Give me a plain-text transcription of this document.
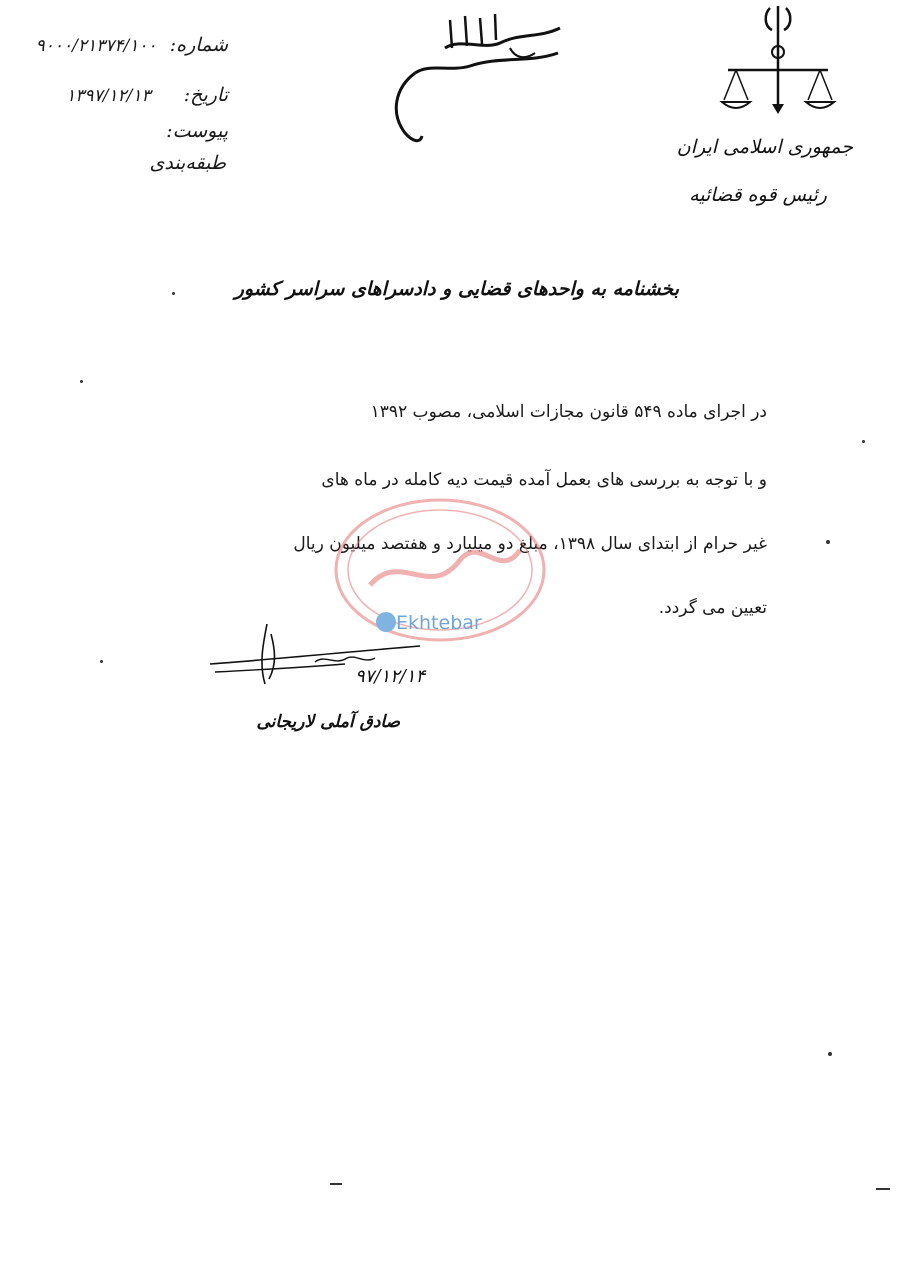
شماره: ۹۰۰۰/۲۱۳۷۴/۱۰۰
تاریخ: ۱۳۹۷/۱۲/۱۳
پیوست:
طبقه‌بندی
جمهوری اسلامی ایران
رئیس قوه قضائیه
بخشنامه به واحدهای قضایی و دادسراهای سراسر کشور
در اجرای ماده ۵۴۹ قانون مجازات اسلامی، مصوب ۱۳۹۲
و با توجه به بررسی های بعمل آمده قیمت دیه کامله در ماه های
غیر حرام از ابتدای سال ۱۳۹۸، مبلغ دو میلیارد و هفتصد میلیون ریال
تعیین می گردد.
Ekhtebar
۹۷/۱۲/۱۴
صادق آملی لاریجانی
